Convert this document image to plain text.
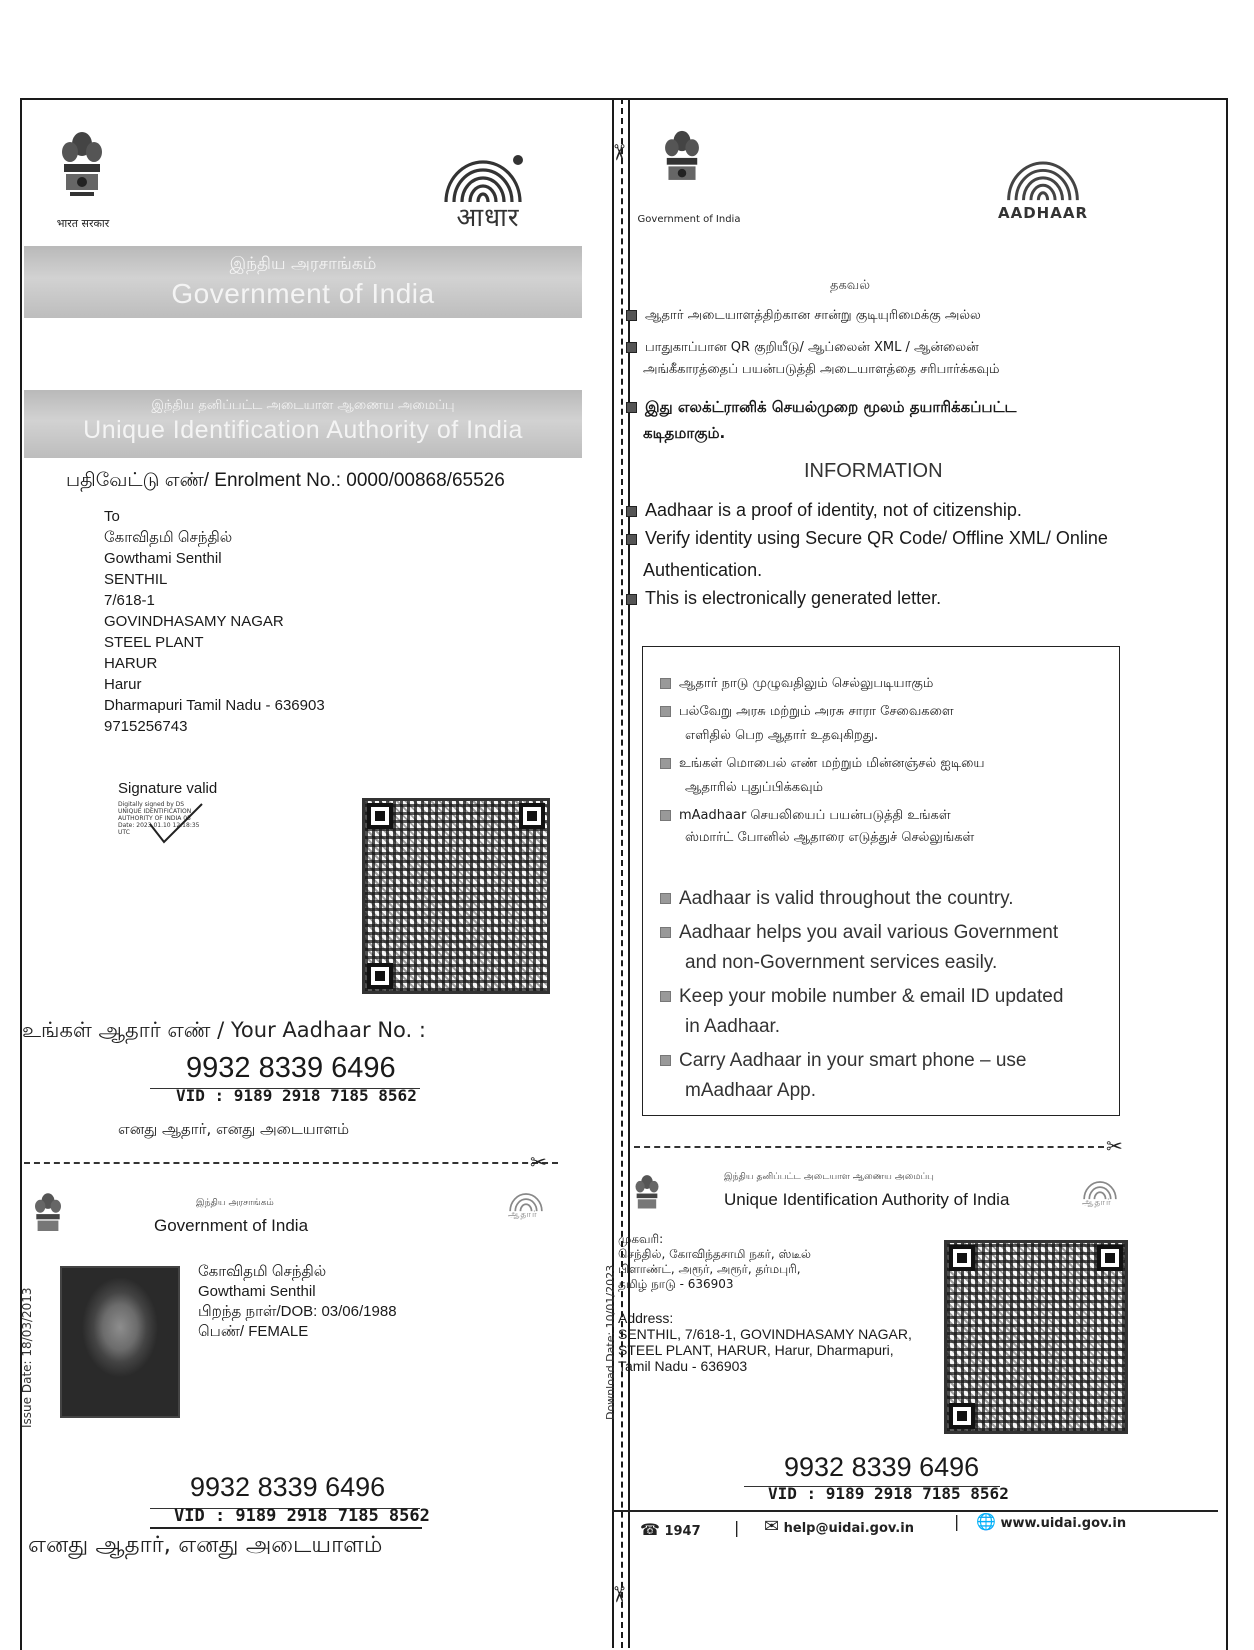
✂
✂
भारत सरकार	आधार
இந்திய அரசாங்கம்
Government of India
இந்திய தனிப்பட்ட அடையாள ஆணைய அமைப்பு
Unique Identification Authority of India
பதிவேட்டு எண்/ Enrolment No.: 0000/00868/65526
To
கோவிதமி செந்தில்
Gowthami Senthil
SENTHIL
7/618-1
GOVINDHASAMY NAGAR
STEEL PLANT
HARUR
Harur
Dharmapuri Tamil Nadu - 636903
9715256743
Signature valid
Digitally signed by DS
UNIQUE IDENTIFICATION
AUTHORITY OF INDIA 05
Date: 2023.01.10 12:18:35
UTC
உங்கள் ஆதார் எண் / Your Aadhaar No. :
9932 8339 6496
VID : 9189 2918 7185 8562
எனது ஆதார், எனது அடையாளம்
✂
இந்திய அரசாங்கம்
Government of India
ஆதார்
கோவிதமி செந்தில்
Gowthami Senthil
பிறந்த நாள்/DOB: 03/06/1988
பெண்/ FEMALE
Issue Date: 18/03/2013
9932 8339 6496
VID : 9189 2918 7185 8562
எனது ஆதார், எனது அடையாளம்
Government of India	AADHAAR
தகவல்
ஆதார் அடையாளத்திற்கான சான்று குடியுரிமைக்கு அல்ல
பாதுகாப்பான QR குறியீடு/ ஆப்லைன் XML / ஆன்லைன்
அங்கீகாரத்தைப் பயன்படுத்தி அடையாளத்தை சரிபார்க்கவும்
இது எலக்ட்ரானிக் செயல்முறை மூலம் தயாரிக்கப்பட்ட
கடிதமாகும்.
INFORMATION
Aadhaar is a proof of identity, not of citizenship.
Verify identity using Secure QR Code/ Offline XML/ Online
Authentication.
This is electronically generated letter.
ஆதார் நாடு முழுவதிலும் செல்லுபடியாகும்
பல்வேறு அரசு மற்றும் அரசு சாரா சேவைகளை
எளிதில் பெற ஆதார் உதவுகிறது.
உங்கள் மொபைல் எண் மற்றும் மின்னஞ்சல் ஐடியை
ஆதாரில் புதுப்பிக்கவும்
mAadhaar செயலியைப் பயன்படுத்தி உங்கள்
ஸ்மார்ட் போனில் ஆதாரை எடுத்துச் செல்லுங்கள்
Aadhaar is valid throughout the country.
Aadhaar helps you avail various Government
and non-Government services easily.
Keep your mobile number & email ID updated
in Aadhaar.
Carry Aadhaar in your smart phone – use
mAadhaar App.
✂
இந்திய தனிப்பட்ட அடையாள ஆணைய அமைப்பு
Unique Identification Authority of India	ஆதார்
முகவரி:
செந்தில், கோவிந்தசாமி நகர், ஸ்டீல்
பிளாண்ட், அரூர், அரூர், தர்மபுரி,
தமிழ் நாடு - 636903
Address:
SENTHIL, 7/618-1, GOVINDHASAMY NAGAR,
STEEL PLANT, HARUR, Harur, Dharmapuri,
Tamil Nadu - 636903
Download Date: 10/01/2023
9932 8339 6496
VID : 9189 2918 7185 8562
☎ 1947 | ✉ help@uidai.gov.in	| 🌐 www.uidai.gov.in
